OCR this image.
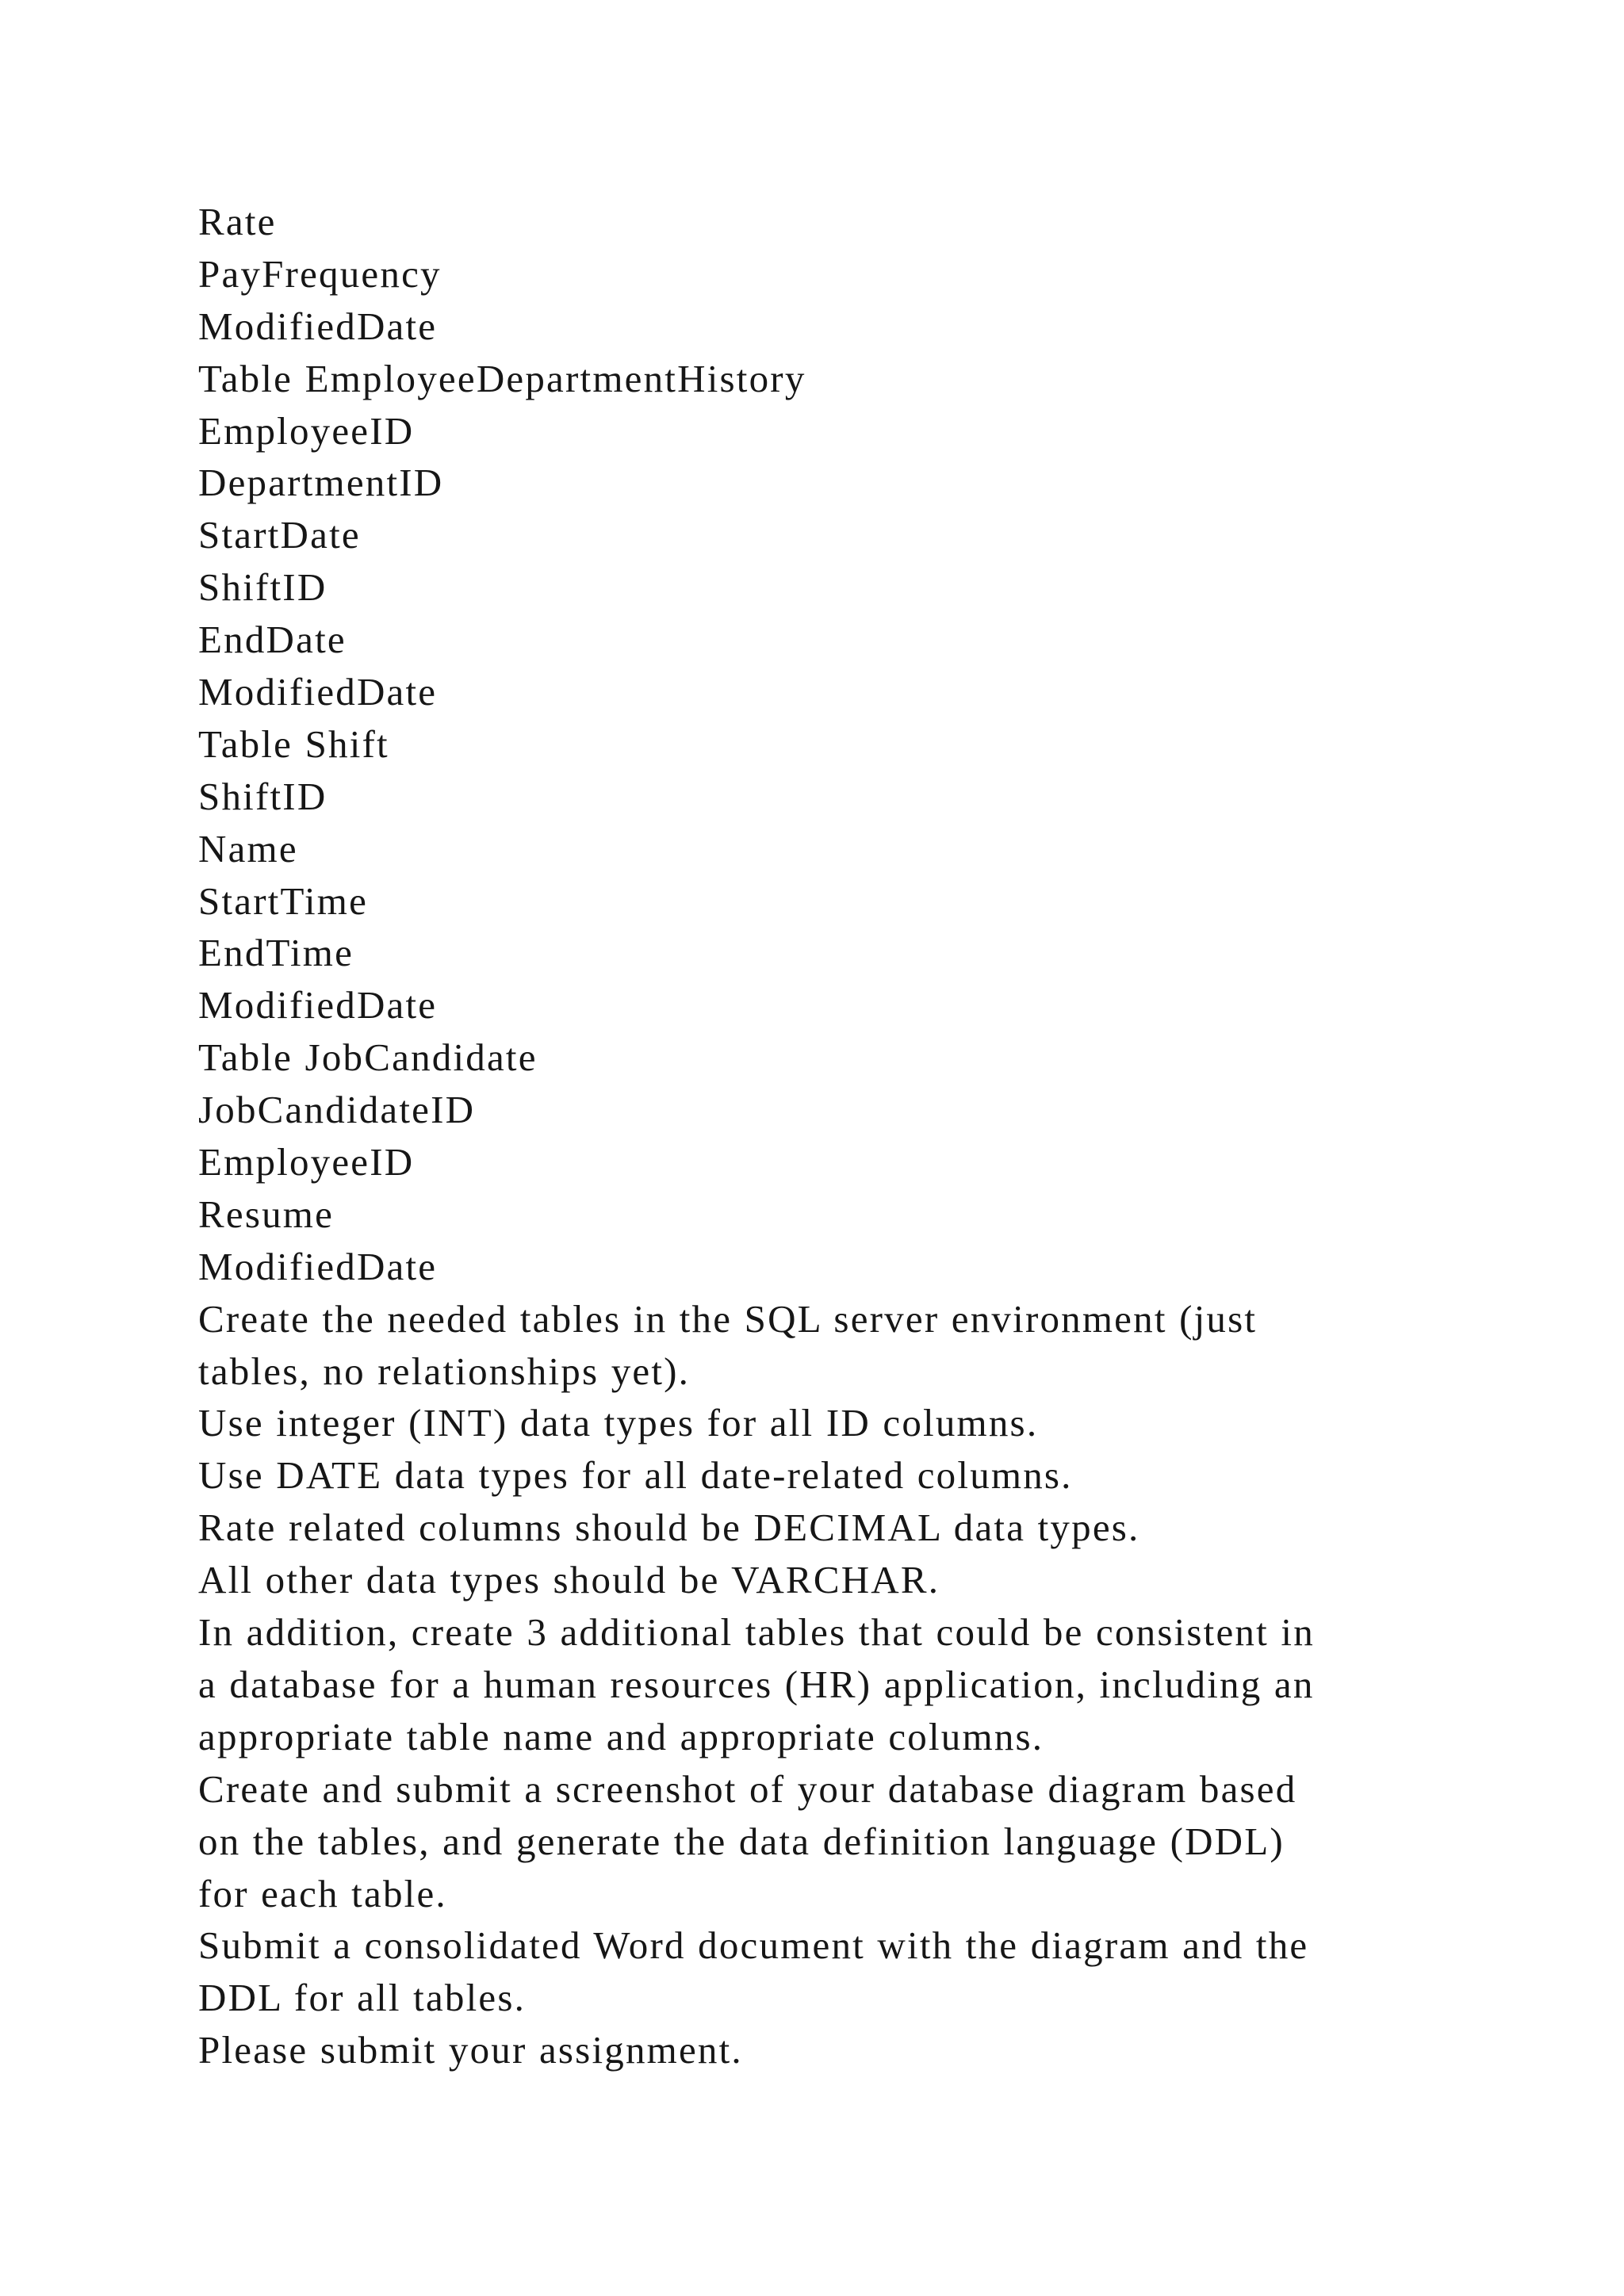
Rate
PayFrequency
ModifiedDate
Table EmployeeDepartmentHistory
EmployeeID
DepartmentID
StartDate
ShiftID
EndDate
ModifiedDate
Table Shift
ShiftID
Name
StartTime
EndTime
ModifiedDate
Table JobCandidate
JobCandidateID
EmployeeID
Resume
ModifiedDate
Create the needed tables in the SQL server environment (just
tables, no relationships yet).
Use integer (INT) data types for all ID columns.
Use DATE data types for all date-related columns.
Rate related columns should be DECIMAL data types.
All other data types should be VARCHAR.
In addition, create 3 additional tables that could be consistent in
a database for a human resources (HR) application, including an
appropriate table name and appropriate columns.
Create and submit a screenshot of your database diagram based
on the tables, and generate the data definition language (DDL)
for each table.
Submit a consolidated Word document with the diagram and the
DDL for all tables.
Please submit your assignment.
